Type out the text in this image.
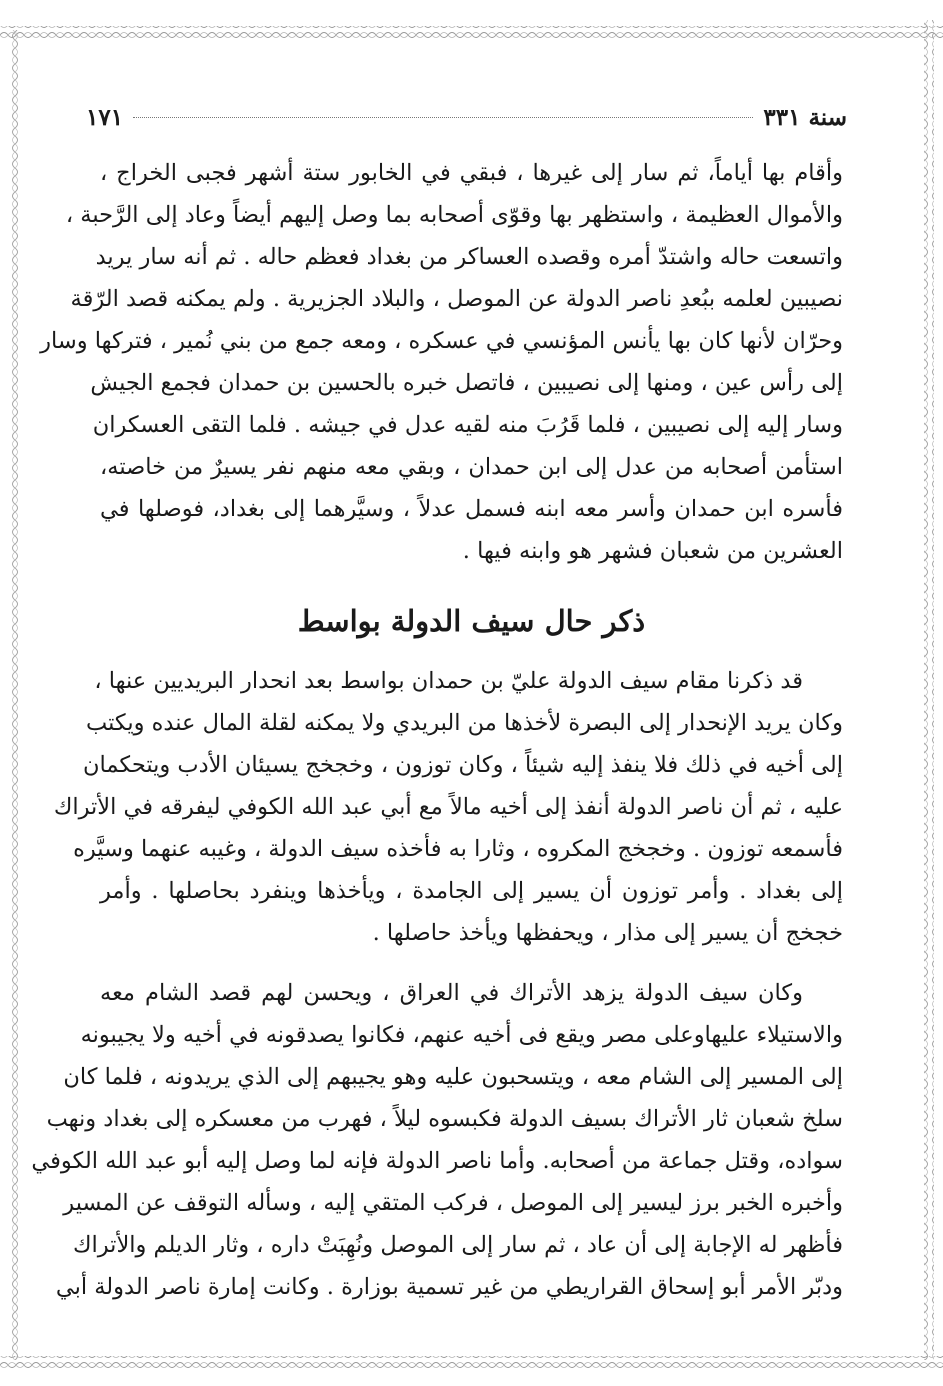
سنة ٣٣١
١٧١
وأقام بها أياماً، ثم سار إلى غيرها ، فبقي في الخابور ستة أشهر فجبى الخراج ،
والأموال العظيمة ، واستظهر بها وقوّى أصحابه بما وصل إليهم أيضاً وعاد إلى الرَّحبة ،
واتسعت حاله واشتدّ أمره وقصده العساكر من بغداد فعظم حاله . ثم أنه سار يريد
نصيبين لعلمه ببُعدِ ناصر الدولة عن الموصل ، والبلاد الجزيرية . ولم يمكنه قصد الرّقة
وحرّان لأنها كان بها يأنس المؤنسي في عسكره ، ومعه جمع من بني نُمير ، فتركها وسار
إلى رأس عين ، ومنها إلى نصيبين ، فاتصل خبره بالحسين بن حمدان فجمع الجيش
وسار إليه إلى نصيبين ، فلما قَرُبَ منه لقيه عدل في جيشه . فلما التقى العسكران
استأمن أصحابه من عدل إلى ابن حمدان ، وبقي معه منهم نفر يسيرٌ من خاصته،
فأسره ابن حمدان وأسر معه ابنه فسمل عدلاً ، وسيَّرهما إلى بغداد، فوصلها في
العشرين من شعبان فشهر هو وابنه فيها .
ذكر حال سيف الدولة بواسط
قد ذكرنا مقام سيف الدولة عليّ بن حمدان بواسط بعد انحدار البريديين عنها ،
وكان يريد الإنحدار إلى البصرة لأخذها من البريدي ولا يمكنه لقلة المال عنده ويكتب
إلى أخيه في ذلك فلا ينفذ إليه شيئاً ، وكان توزون ، وخجخج يسيئان الأدب ويتحكمان
عليه ، ثم أن ناصر الدولة أنفذ إلى أخيه مالاً مع أبي عبد الله الكوفي ليفرقه في الأتراك
فأسمعه توزون . وخجخج المكروه ، وثارا به فأخذه سيف الدولة ، وغيبه عنهما وسيَّره
إلى بغداد . وأمر توزون أن يسير إلى الجامدة ، ويأخذها وينفرد بحاصلها . وأمر
خجخج أن يسير إلى مذار ، ويحفظها ويأخذ حاصلها .
وكان سيف الدولة يزهد الأتراك في العراق ، ويحسن لهم قصد الشام معه
والاستيلاء عليهاوعلى مصر ويقع فى أخيه عنهم، فكانوا يصدقونه في أخيه ولا يجيبونه
إلى المسير إلى الشام معه ، ويتسحبون عليه وهو يجيبهم إلى الذي يريدونه ، فلما كان
سلخ شعبان ثار الأتراك بسيف الدولة فكبسوه ليلاً ، فهرب من معسكره إلى بغداد ونهب
سواده، وقتل جماعة من أصحابه. وأما ناصر الدولة فإنه لما وصل إليه أبو عبد الله الكوفي
وأخبره الخبر برز ليسير إلى الموصل ، فركب المتقي إليه ، وسأله التوقف عن المسير
فأظهر له الإجابة إلى أن عاد ، ثم سار إلى الموصل ونُهِبَتْ داره ، وثار الديلم والأتراك
ودبّر الأمر أبو إسحاق القراريطي من غير تسمية بوزارة . وكانت إمارة ناصر الدولة أبي
